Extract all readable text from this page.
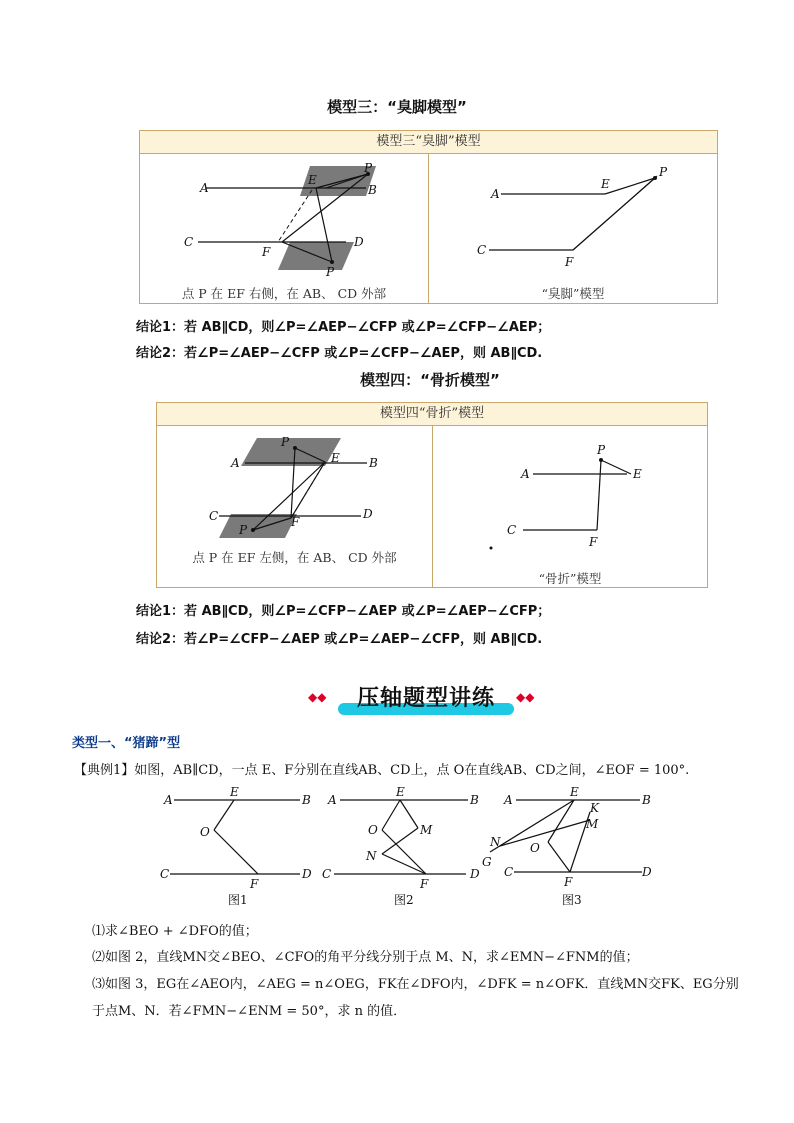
模型三：“臭脚模型”
模型三“臭脚”模型
A	B
C	D
E
F
P
P
点 P 在 EF 右侧，在 AB、 CD 外部
A
E
P
C
F
“臭脚”模型
结论1：若 AB∥CD，则∠P=∠AEP−∠CFP 或∠P=∠CFP−∠AEP；
结论2：若∠P=∠AEP−∠CFP 或∠P=∠CFP−∠AEP，则 AB∥CD.
模型四：“骨折模型”
模型四“骨折”模型
A	B
P
E
C	D
P
F
点 P 在 EF 左侧，在 AB、 CD 外部
A
P
E
C
F
“骨折”模型
结论1：若 AB∥CD，则∠P=∠CFP−∠AEP 或∠P=∠AEP−∠CFP；
结论2：若∠P=∠CFP−∠AEP 或∠P=∠AEP−∠CFP，则 AB∥CD.
◆◆	压轴题型讲练	◆◆
类型一、“猪蹄”型
【典例1】如图，AB∥CD，一点 E、F分别在直线AB、CD上，点 O在直线AB、CD之间，∠EOF = 100°.
A	B
E
O
C	D
F
图1
A	B
E
O	M
N
C	D
F
图2
A	B
E
K
M
N O
G
C	D
F
图3
⑴求∠BEO + ∠DFO的值；
⑵如图 2，直线MN交∠BEO、∠CFO的角平分线分别于点 M、N，求∠EMN−∠FNM的值；
⑶如图 3，EG在∠AEO内，∠AEG = n∠OEG，FK在∠DFO内，∠DFK = n∠OFK．直线MN交FK、EG分别
于点M、N．若∠FMN−∠ENM = 50°，求 n 的值．
